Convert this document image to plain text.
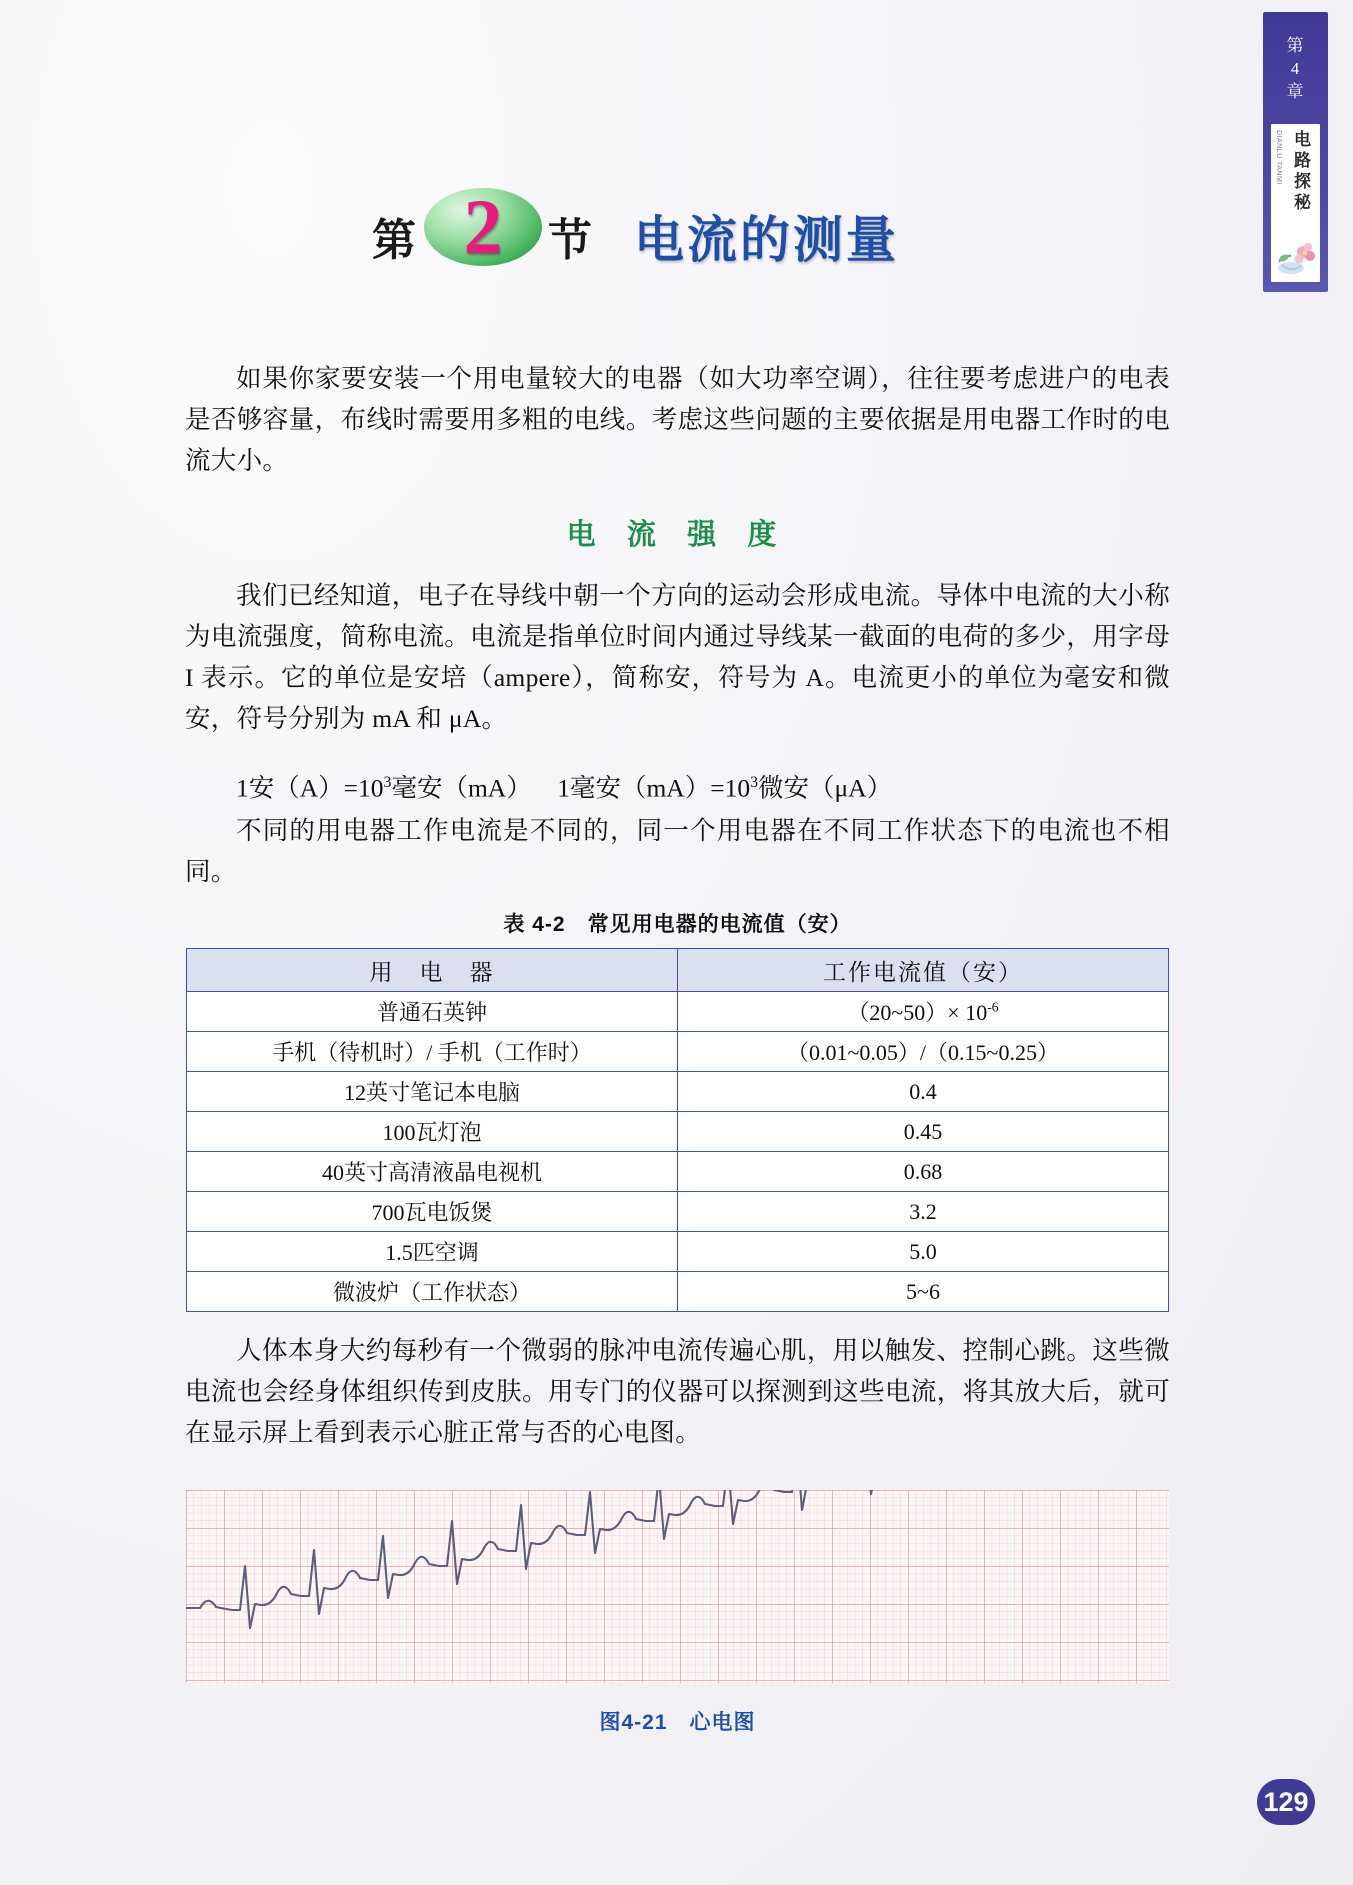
第
4
章
DIANLU TANMI 电路探秘
第 2	节 电流的测量
如果你家要安装一个用电量较大的电器（如大功率空调），往往要考虑进户的电表是否够容量，布线时需要用多粗的电线。考虑这些问题的主要依据是用电器工作时的电流大小。
电 流 强 度
我们已经知道，电子在导线中朝一个方向的运动会形成电流。导体中电流的大小称为电流强度，简称电流。电流是指单位时间内通过导线某一截面的电荷的多少，用字母 I 表示。它的单位是安培（ampere），简称安，符号为 A。电流更小的单位为毫安和微安，符号分别为 mA 和 μA。
1安$(A)=10^3$毫安（mA）    1毫安$(mA)=10^3$微安（μA）
不同的用电器工作电流是不同的，同一个用电器在不同工作状态下的电流也不相同。
表 4-2　常见用电器的电流值（安）
用　电　器	工作电流值（安）
普通石英钟	（20~50）× $10^{-6}$
手机（待机时）/ 手机（工作时）	（0.01~0.05）/（0.15~0.25）
12英寸笔记本电脑	0.4
100瓦灯泡	0.45
40英寸高清液晶电视机	0.68
700瓦电饭煲	3.2
1.5匹空调	5.0
微波炉（工作状态）	5~6
人体本身大约每秒有一个微弱的脉冲电流传遍心肌，用以触发、控制心跳。这些微电流也会经身体组织传到皮肤。用专门的仪器可以探测到这些电流，将其放大后，就可在显示屏上看到表示心脏正常与否的心电图。
图4-21　心电图
129
